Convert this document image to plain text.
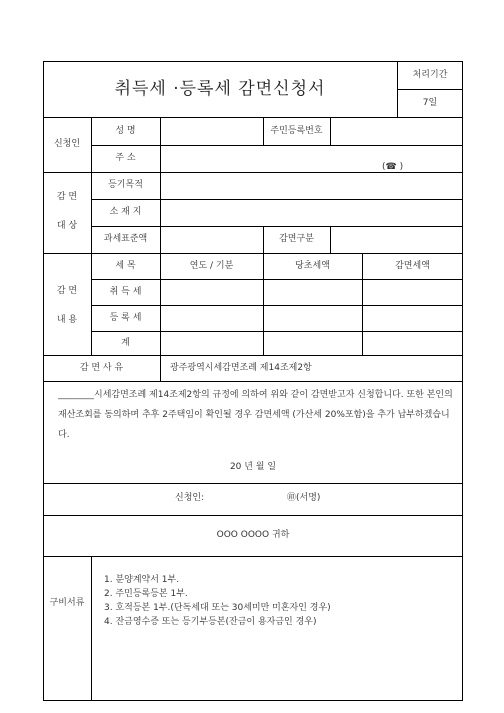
취득세 ·등록세 감면신청서
처리기간
7일
신청인
성 명	주민등록번호
주 소
(☎ )
감 면
대 상
등기목적
소 재 지
과세표준액	감면구분
감 면
내 용
세 목	연도 / 기분	당초세액	감면세액
취 득 세
등 록 세
계
감 면 사 유	광주광역시세감면조례 제14조제2항
________시세감면조례 제14조제2항의 규정에 의하여 위와 같이 감면받고자 신청합니다. 또한 본인의 재산조회를 동의하며 추후 2주택임이 확인될 경우 감면세액 (가산세 20%포함)을 추가 납부하겠습니다.
20 년 월 일
신청인:	㊞(서명)
OOO OOOO 귀하
구비서류
1. 분양계약서 1부.
2. 주민등록등본 1부.
3. 호적등본 1부.(단독세대 또는 30세미만 미혼자인 경우)
4. 잔금영수증 또는 등기부등본(잔금이 용자금인 경우)
